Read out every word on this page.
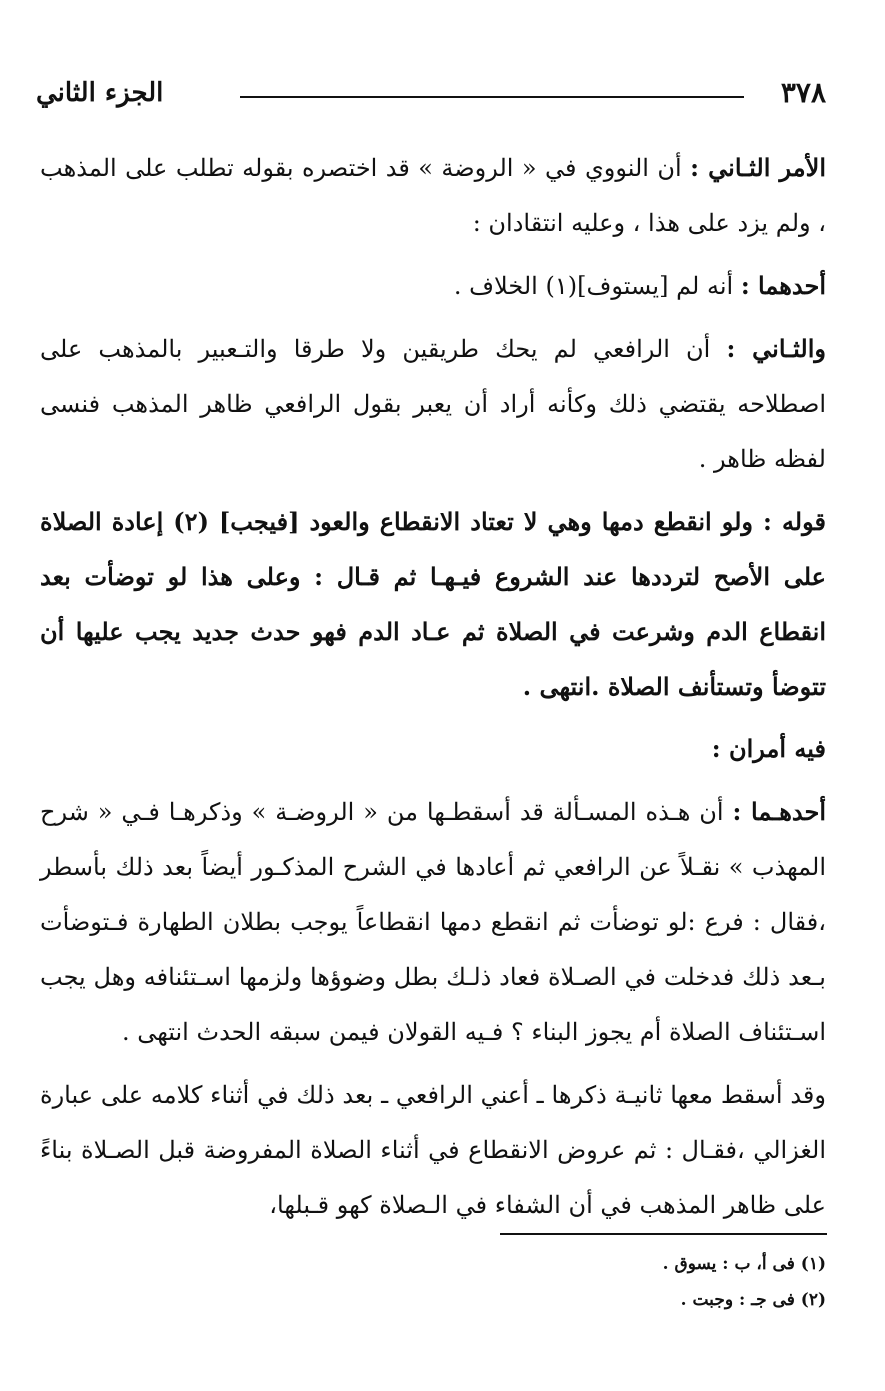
٣٧٨
الجزء الثاني

الأمر الثـاني : أن النووي في « الروضة » قد اختصره بقوله تطلب على المذهب ، ولم يزد على هذا ، وعليه انتقادان :

أحدهما : أنه لم [يستوف](١) الخلاف .

والثـاني : أن الرافعي لم يحك طريقين ولا طرقا والتـعبير بالمذهب على اصطلاحه يقتضي ذلك وكأنه أراد أن يعبر بقول الرافعي ظاهر المذهب فنسى لفظه ظاهر .

قوله : ولو انقطع دمها وهي لا تعتاد الانقطاع والعود [فيجب] (٢) إعادة الصلاة على الأصح لترددها عند الشروع فيـهـا ثم قـال : وعلى هذا لو توضأت بعد انقطاع الدم وشرعت في الصلاة ثم عـاد الدم فهو حدث جديد يجب عليها أن تتوضأ وتستأنف الصلاة .انتهى .

فيه أمران :

أحدهـما : أن هـذه المسـألة قد أسقطـها من « الروضـة » وذكرهـا فـي « شرح المهذب » نقـلاً عن الرافعي ثم أعادها في الشرح المذكـور أيضاً بعد ذلك بأسطر ،فقال : فرع :لو توضأت ثم انقطع دمها انقطاعاً يوجب بطلان الطهارة فـتوضأت بـعد ذلك فدخلت في الصـلاة فعاد ذلـك بطل وضوؤها ولزمها اسـتئنافه وهل يجب اسـتئناف الصلاة أم يجوز البناء ؟ فـيه القولان فيمن سبقه الحدث انتهى .

وقد أسقط معها ثانيـة ذكرها ـ أعني الرافعي ـ بعد ذلك في أثناء كلامه على عبارة الغزالي ،فقـال : ثم عروض الانقطاع في أثناء الصلاة المفروضة قبل الصـلاة بناءً على ظاهر المذهب في أن الشفاء في الـصلاة كهو قـبلها،

(١) فى أ، ب : يسوق .

(٢) فى جـ : وجبت .
